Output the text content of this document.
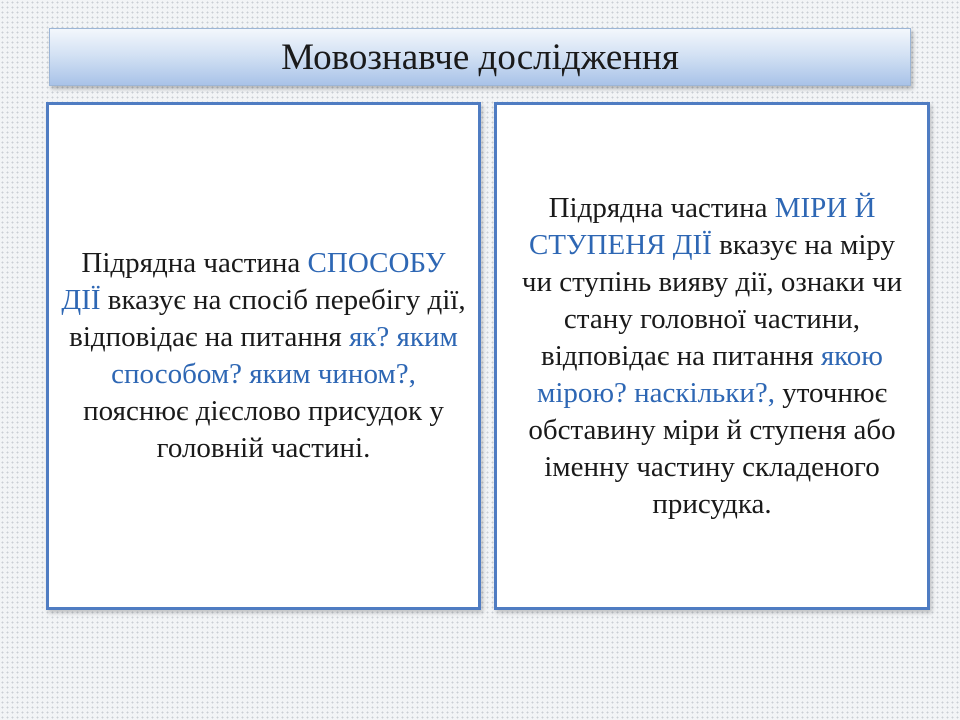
Мовознавче дослідження
Підрядна частина СПОСОБУ ДІЇ вказує на спосіб перебігу дії, відповідає на питання як? яким способом? яким чином?, пояснює дієслово присудок у головній частині.
Підрядна частина МІРИ Й СТУПЕНЯ ДІЇ вказує на міру чи ступінь вияву дії, ознаки чи стану головної частини, відповідає на питання якою мірою? наскільки?, уточнює обставину міри й ступеня або іменну частину складеного присудка.
